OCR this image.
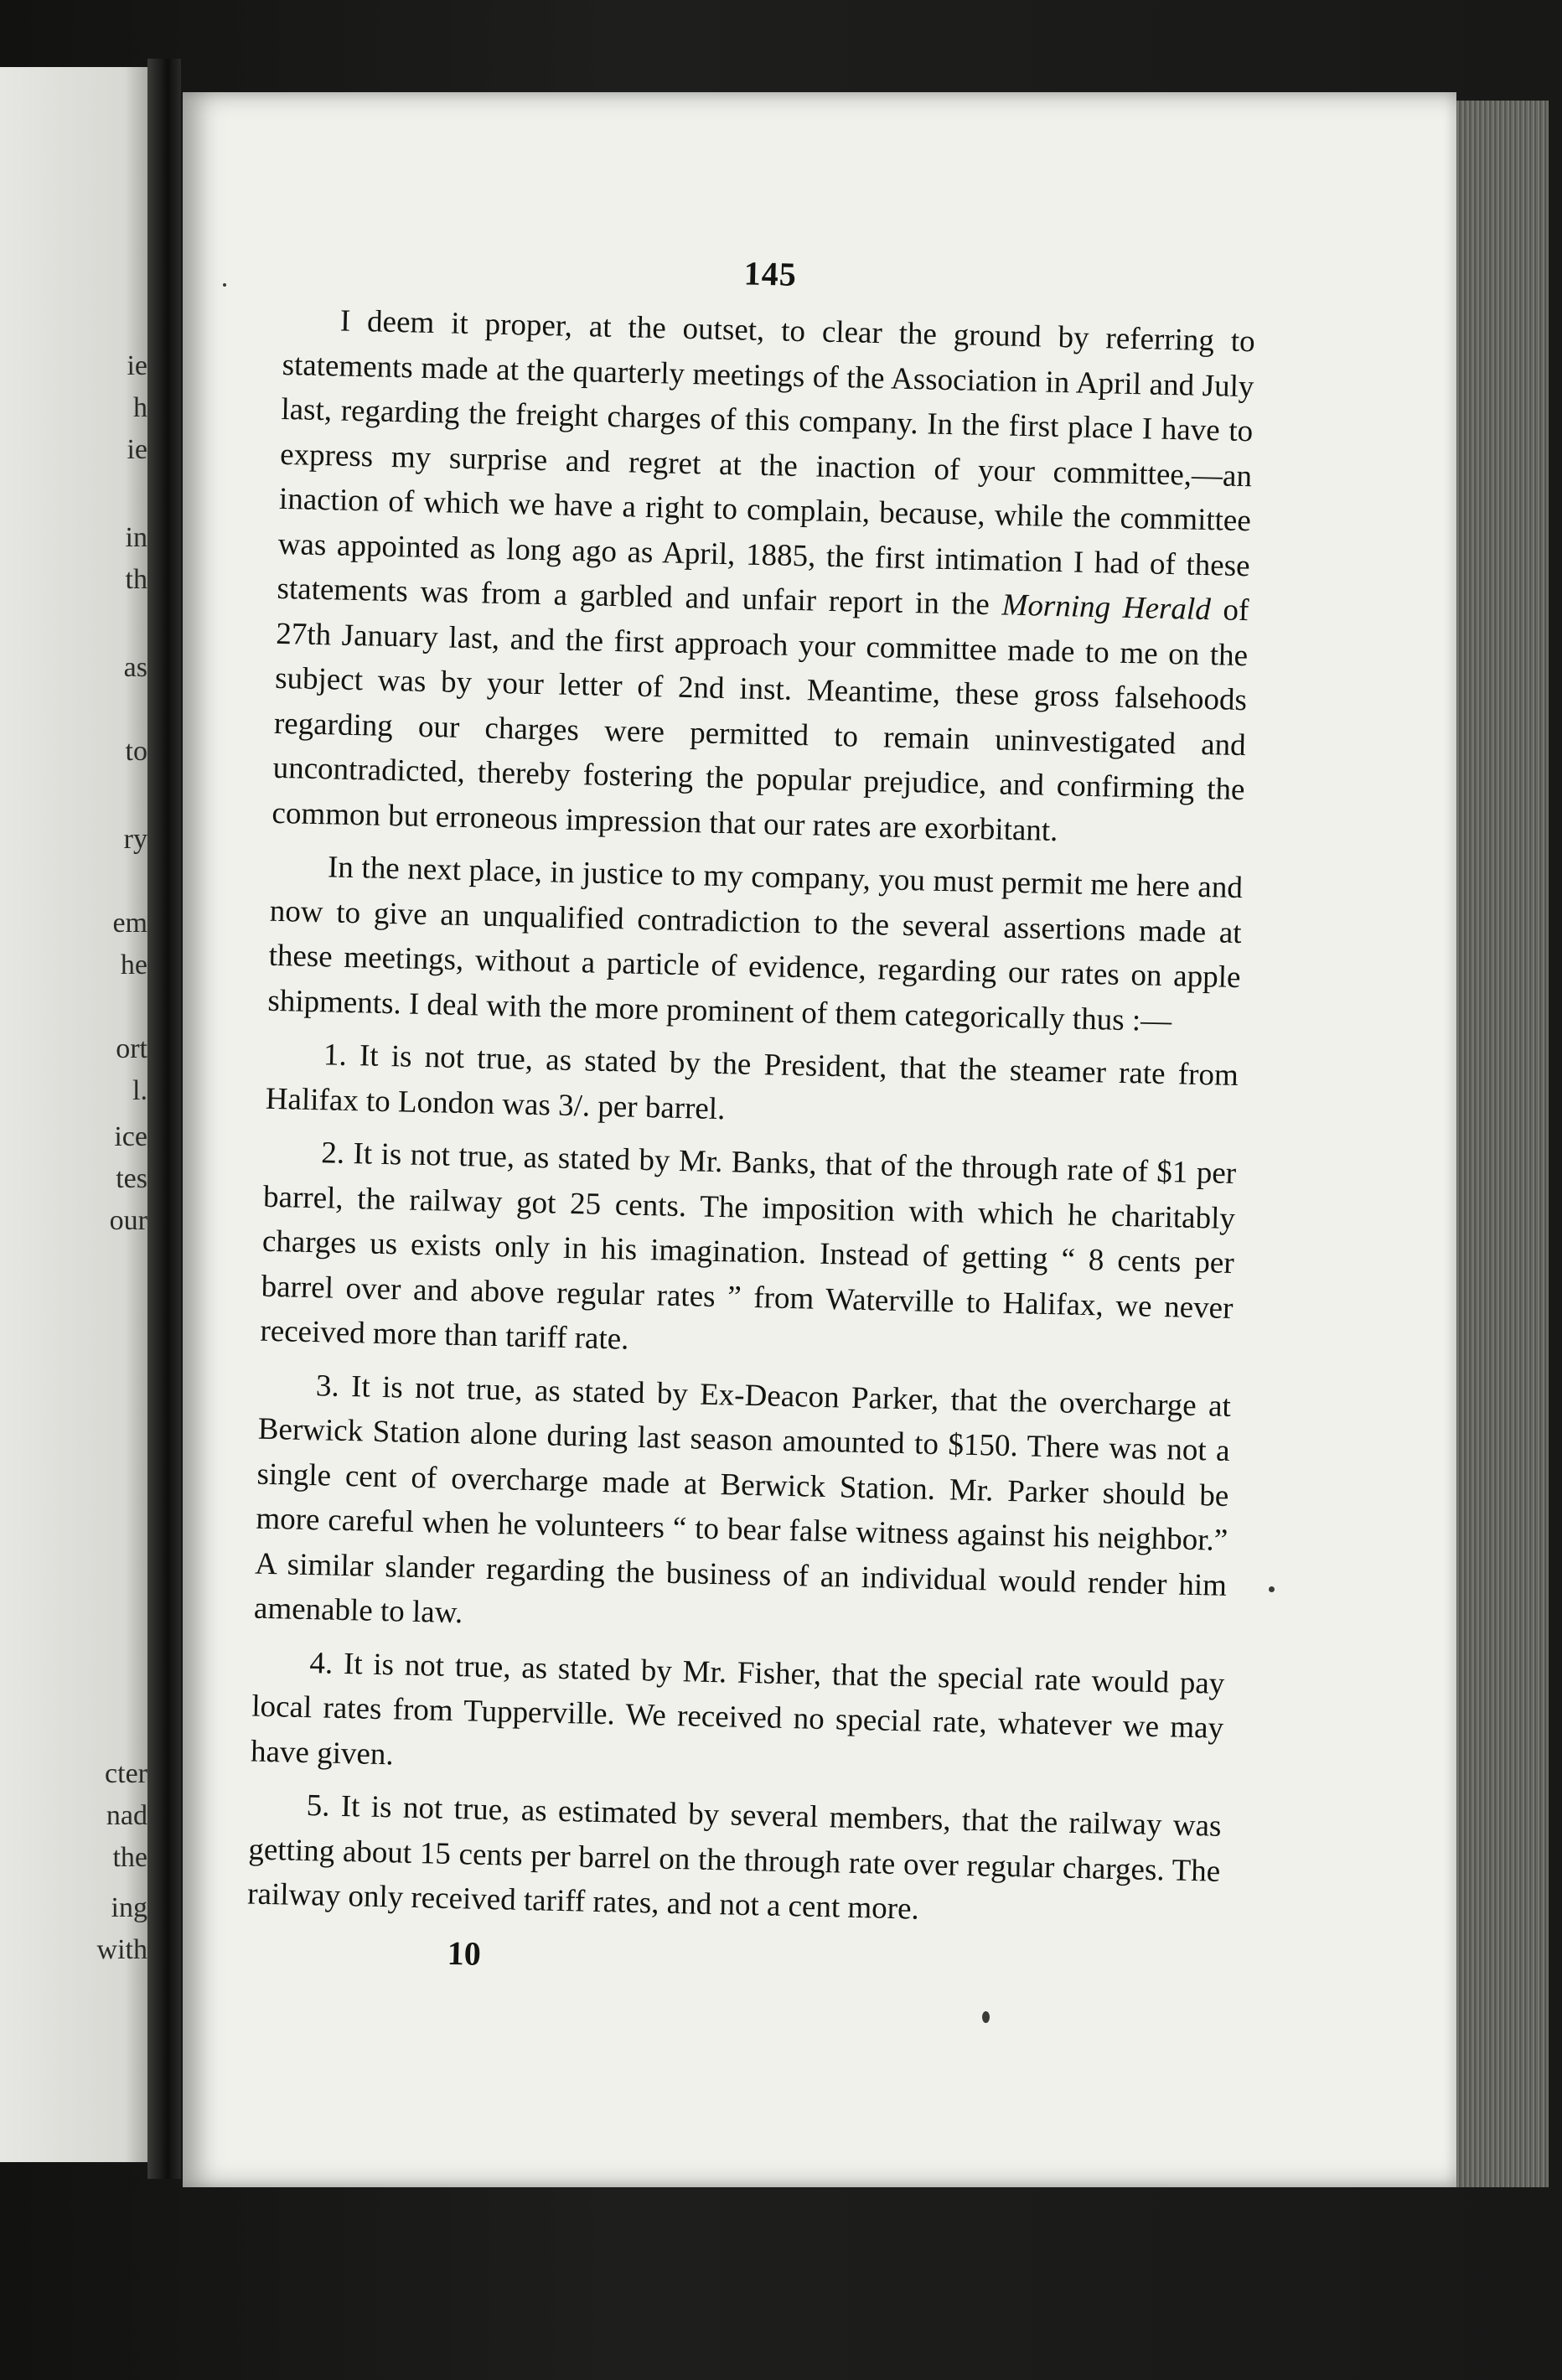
ie
h
ie
in
th
as
to
ry
em
he
ort
l.
ice
tes
our
cter
nad
the
ing
with
145

I deem it proper, at the outset, to clear the ground by referring to statements made at the quarterly meetings of the Association in April and July last, regarding the freight charges of this company. In the first place I have to express my surprise and regret at the inaction of your committee,—an inaction of which we have a right to complain, because, while the committee was appointed as long ago as April, 1885, the first intimation I had of these statements was from a garbled and unfair report in the Morning Herald of 27th January last, and the first approach your committee made to me on the subject was by your letter of 2nd inst. Meantime, these gross falsehoods regarding our charges were permitted to remain uninvestigated and uncontradicted, thereby fostering the popular prejudice, and confirming the common but erroneous impression that our rates are exorbitant.

In the next place, in justice to my company, you must permit me here and now to give an unqualified contradiction to the several assertions made at these meetings, without a particle of evidence, regarding our rates on apple shipments. I deal with the more prominent of them categorically thus :—

1. It is not true, as stated by the President, that the steamer rate from Halifax to London was 3/. per barrel.

2. It is not true, as stated by Mr. Banks, that of the through rate of $1 per barrel, the railway got 25 cents. The imposition with which he charitably charges us exists only in his imagination. Instead of getting “ 8 cents per barrel over and above regular rates ” from Waterville to Halifax, we never received more than tariff rate.

3. It is not true, as stated by Ex-Deacon Parker, that the overcharge at Berwick Station alone during last season amounted to $150. There was not a single cent of overcharge made at Berwick Station. Mr. Parker should be more careful when he volunteers “ to bear false witness against his neighbor.” A similar slander regarding the business of an individual would render him amenable to law.

4. It is not true, as stated by Mr. Fisher, that the special rate would pay local rates from Tupperville. We received no special rate, whatever we may have given.

5. It is not true, as estimated by several members, that the railway was getting about 15 cents per barrel on the through rate over regular charges. The railway only received tariff rates, and not a cent more.

10
